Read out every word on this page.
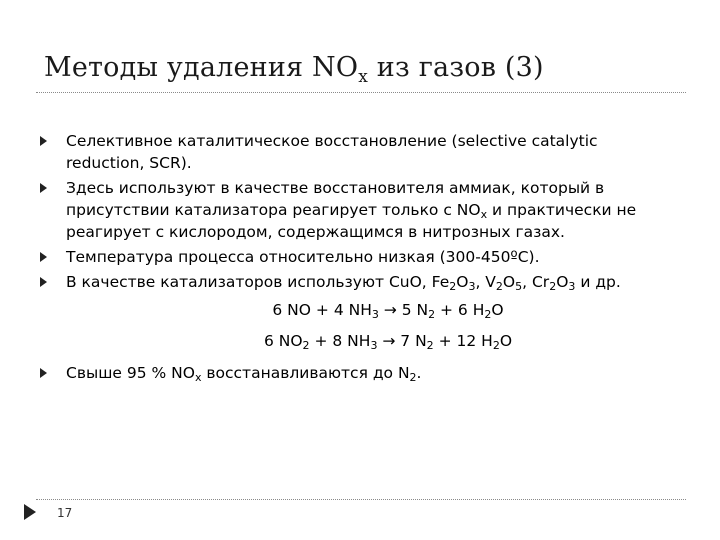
Методы удаления $NO_x$ из газов (3)
Селективное каталитическое восстановление (selective catalytic reduction, SCR).
Здесь используют в качестве восстановителя аммиак, который в присутствии катализатора реагирует только с $NO_x$ и практически не реагирует с кислородом, содержащимся в нитрозных газах.
Температура процесса относительно низкая (300-450ºС).
В качестве катализаторов используют CuO, $Fe_2O_3$, $V_2O_5$, $Cr_2O_3$ и др.
6 NO + 4 $NH_3 \to 5$ $N_2 + 6$ $H_2O$
6 $NO_2 + 8$ $NH_3 \to 7$ $N_2 + 12$ $H_2O$
Свыше 95 % $NO_x$ восстанавливаются до $N_2$.
17
